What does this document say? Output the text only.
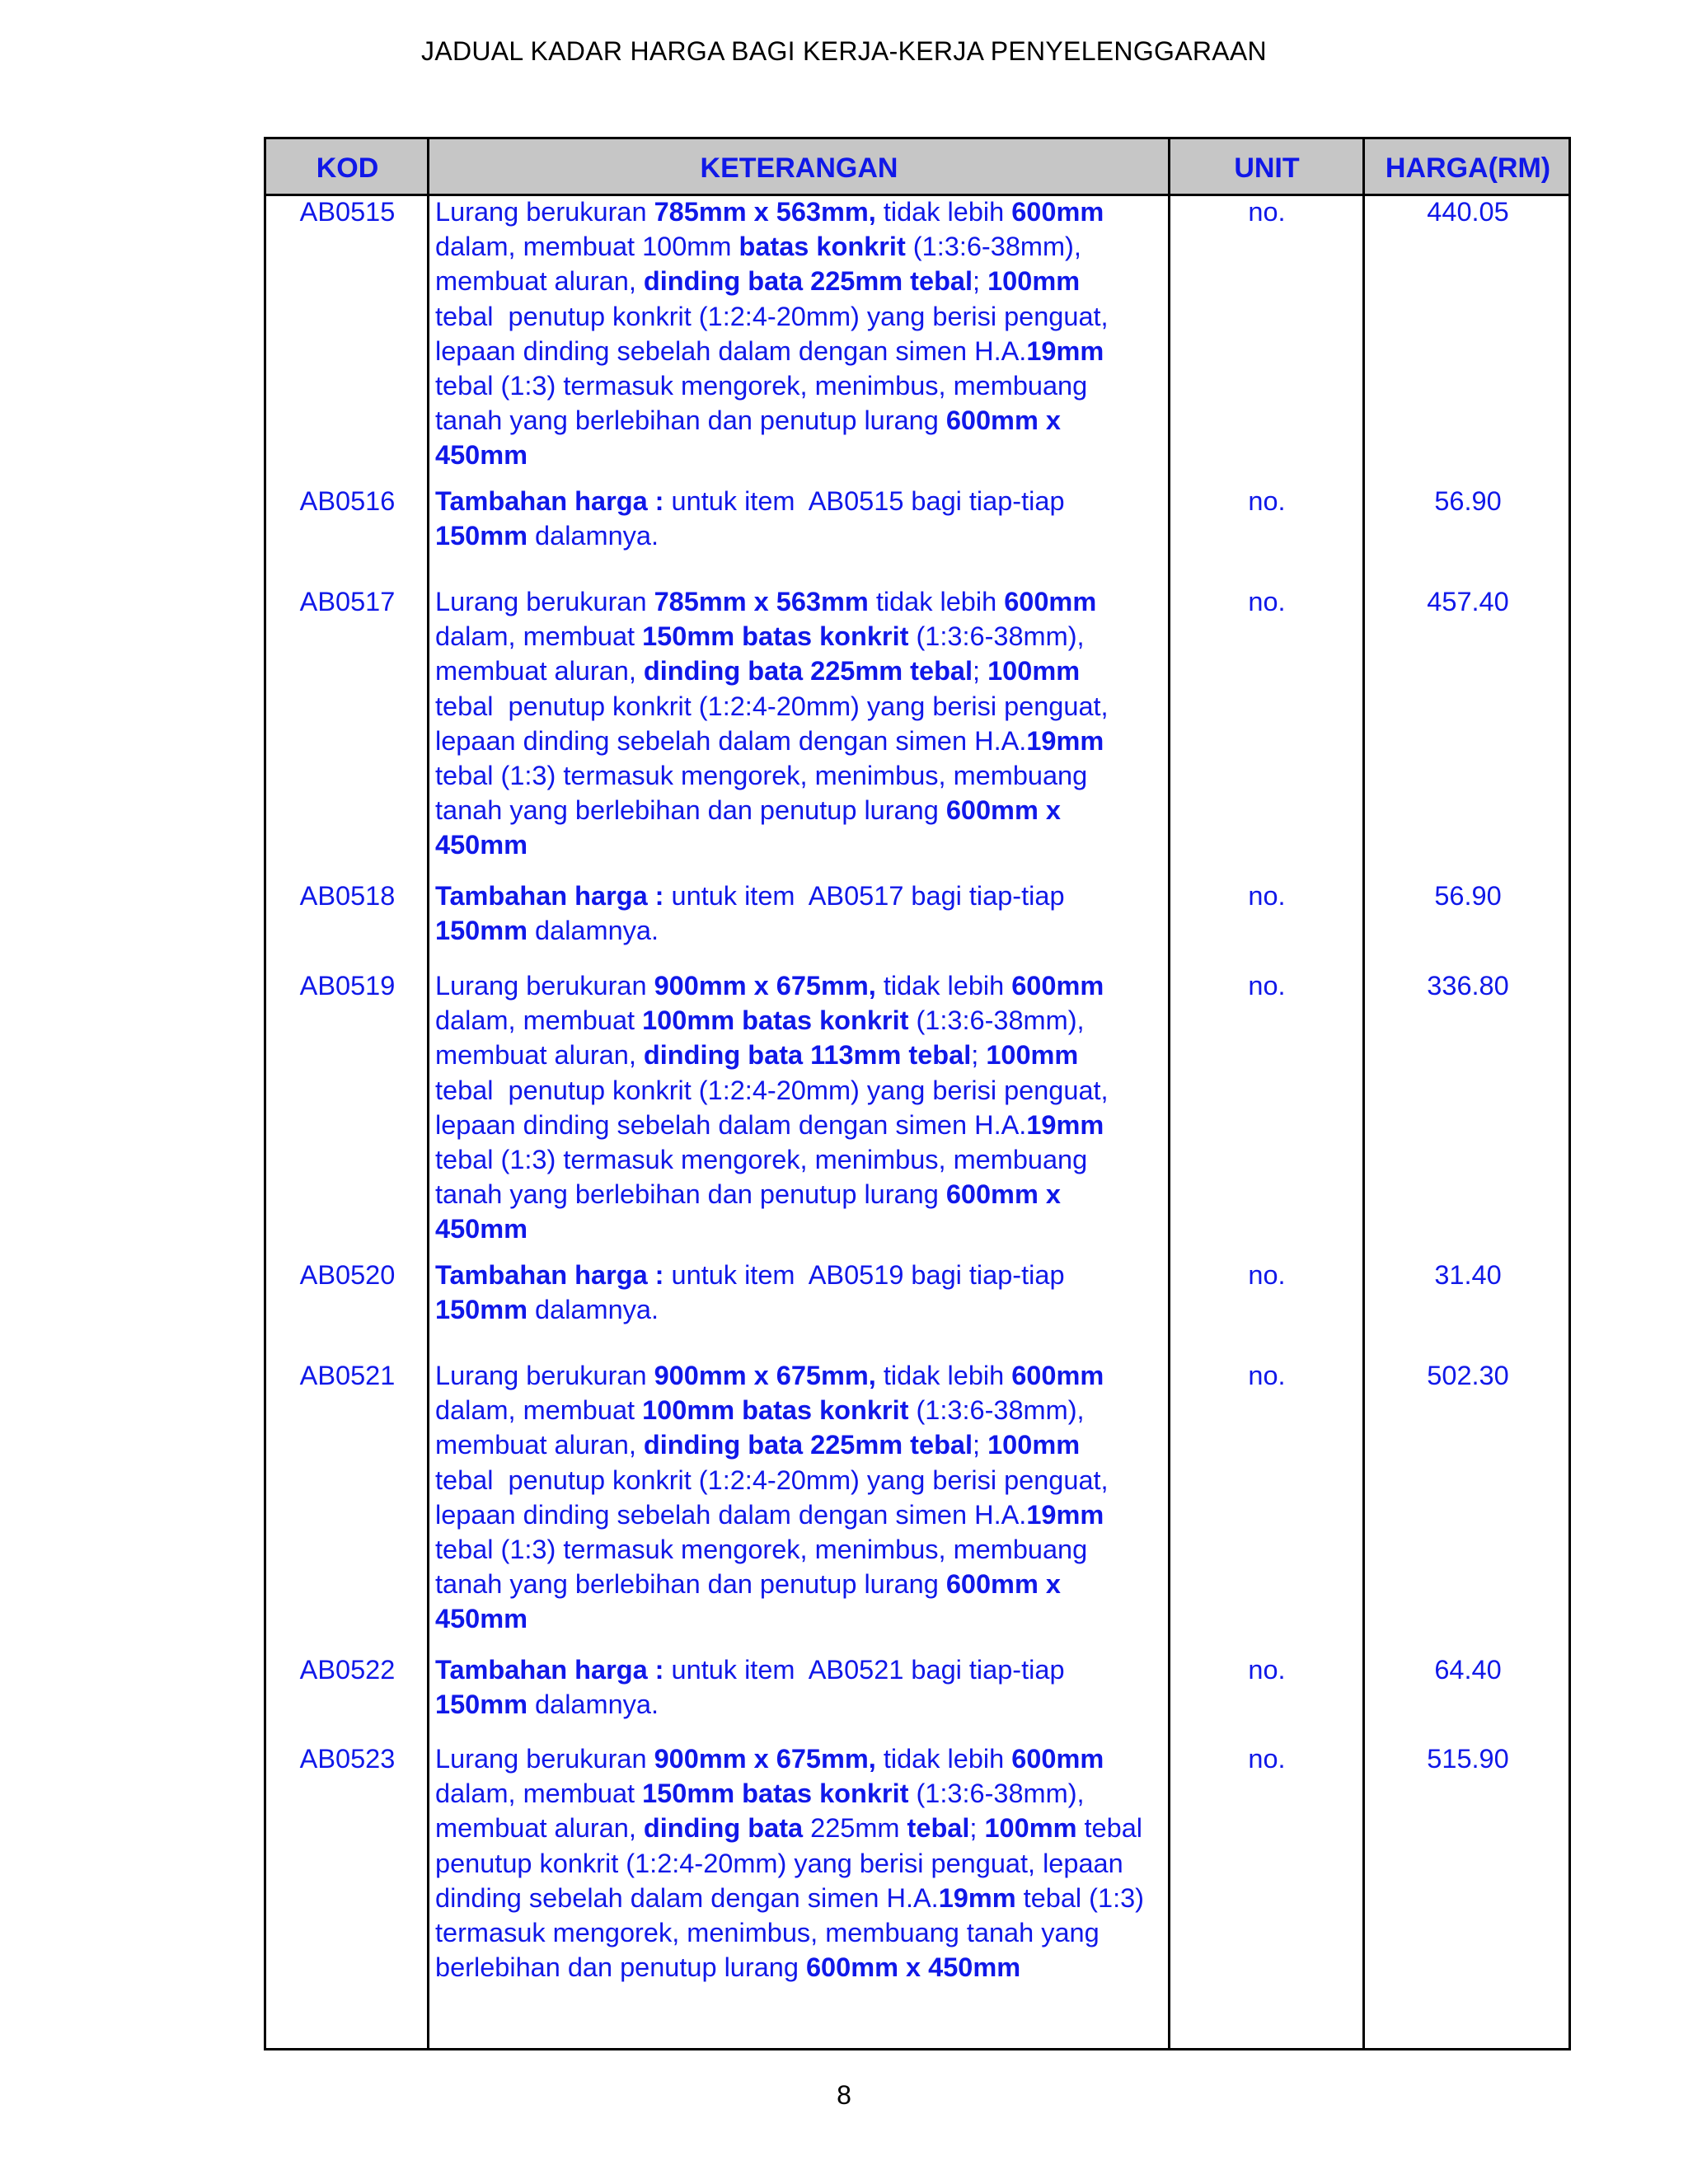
JADUAL KADAR HARGA BAGI KERJA-KERJA PENYELENGGARAAN
KOD	KETERANGAN	UNIT	HARGA(RM)
AB0515	Lurang berukuran 785mm x 563mm, tidak lebih 600mm
dalam, membuat 100mm batas konkrit (1:3:6-38mm),
membuat aluran, dinding bata 225mm tebal; 100mm
tebal  penutup konkrit (1:2:4-20mm) yang berisi penguat,
lepaan dinding sebelah dalam dengan simen H.A.19mm
tebal (1:3) termasuk mengorek, menimbus, membuang
tanah yang berlebihan dan penutup lurang 600mm x
450mm
no.	440.05
AB0516	Tambahan harga : untuk item  AB0515 bagi tiap-tiap
150mm dalamnya.
no.	56.90
AB0517	Lurang berukuran 785mm x 563mm tidak lebih 600mm
dalam, membuat 150mm batas konkrit (1:3:6-38mm),
membuat aluran, dinding bata 225mm tebal; 100mm
tebal  penutup konkrit (1:2:4-20mm) yang berisi penguat,
lepaan dinding sebelah dalam dengan simen H.A.19mm
tebal (1:3) termasuk mengorek, menimbus, membuang
tanah yang berlebihan dan penutup lurang 600mm x
450mm
no.	457.40
AB0518	Tambahan harga : untuk item  AB0517 bagi tiap-tiap
150mm dalamnya.
no.	56.90
AB0519	Lurang berukuran 900mm x 675mm, tidak lebih 600mm
dalam, membuat 100mm batas konkrit (1:3:6-38mm),
membuat aluran, dinding bata 113mm tebal; 100mm
tebal  penutup konkrit (1:2:4-20mm) yang berisi penguat,
lepaan dinding sebelah dalam dengan simen H.A.19mm
tebal (1:3) termasuk mengorek, menimbus, membuang
tanah yang berlebihan dan penutup lurang 600mm x
450mm
no.	336.80
AB0520	Tambahan harga : untuk item  AB0519 bagi tiap-tiap
150mm dalamnya.
no.	31.40
AB0521	Lurang berukuran 900mm x 675mm, tidak lebih 600mm
dalam, membuat 100mm batas konkrit (1:3:6-38mm),
membuat aluran, dinding bata 225mm tebal; 100mm
tebal  penutup konkrit (1:2:4-20mm) yang berisi penguat,
lepaan dinding sebelah dalam dengan simen H.A.19mm
tebal (1:3) termasuk mengorek, menimbus, membuang
tanah yang berlebihan dan penutup lurang 600mm x
450mm
no.	502.30
AB0522	Tambahan harga : untuk item  AB0521 bagi tiap-tiap
150mm dalamnya.
no.	64.40
AB0523	Lurang berukuran 900mm x 675mm, tidak lebih 600mm
dalam, membuat 150mm batas konkrit (1:3:6-38mm),
membuat aluran, dinding bata 225mm tebal; 100mm tebal
penutup konkrit (1:2:4-20mm) yang berisi penguat, lepaan
dinding sebelah dalam dengan simen H.A.19mm tebal (1:3)
termasuk mengorek, menimbus, membuang tanah yang
berlebihan dan penutup lurang 600mm x 450mm
no.	515.90
8
